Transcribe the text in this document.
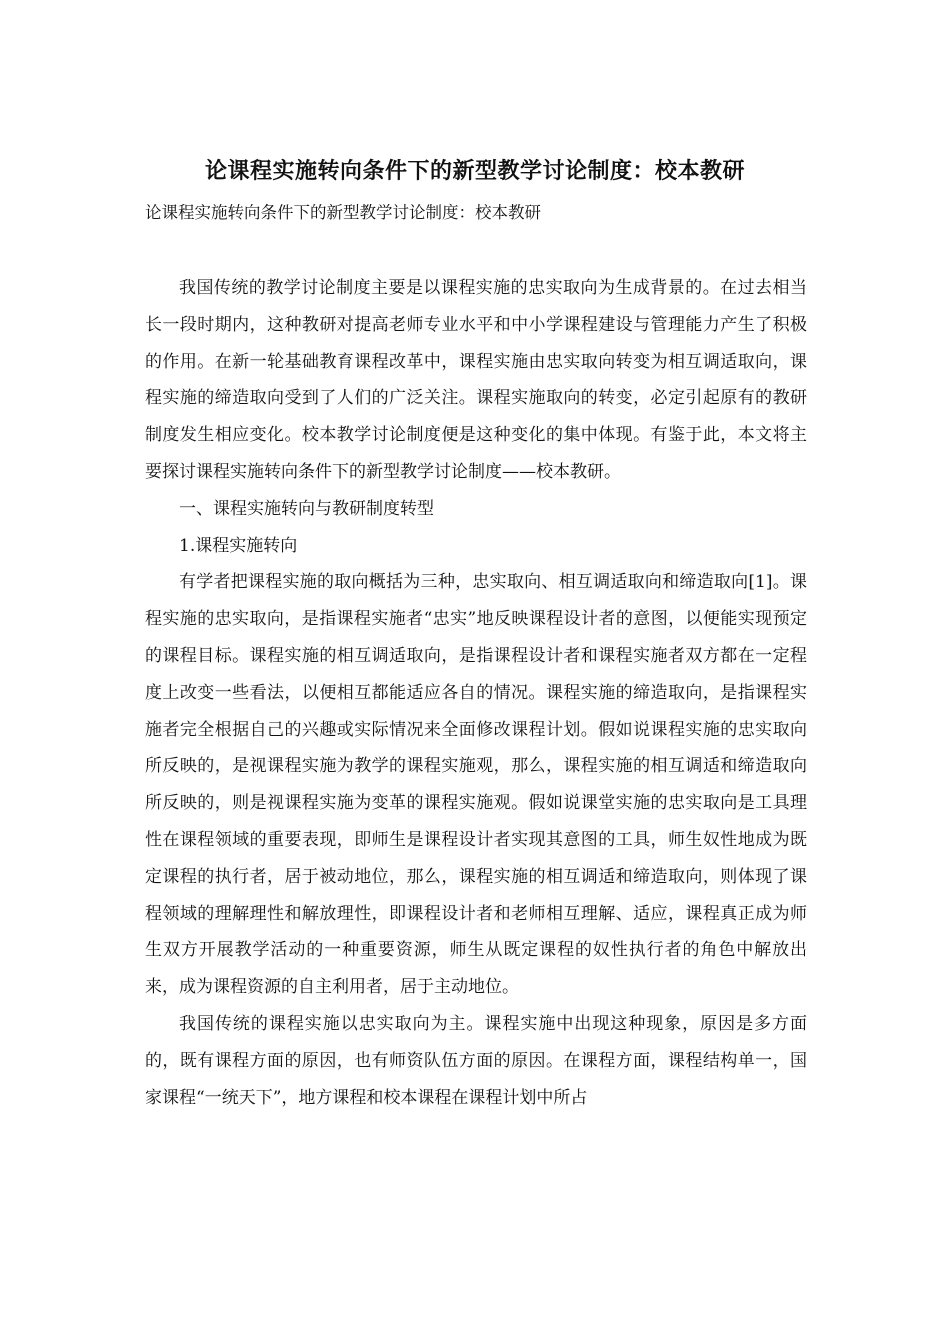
论课程实施转向条件下的新型教学讨论制度：校本教研
论课程实施转向条件下的新型教学讨论制度：校本教研

我国传统的教学讨论制度主要是以课程实施的忠实取向为生成背景的。在过去相当长一段时期内，这种教研对提高老师专业水平和中小学课程建设与管理能力产生了积极的作用。在新一轮基础教育课程改革中，课程实施由忠实取向转变为相互调适取向，课程实施的缔造取向受到了人们的广泛关注。课程实施取向的转变，必定引起原有的教研制度发生相应变化。校本教学讨论制度便是这种变化的集中体现。有鉴于此，本文将主要探讨课程实施转向条件下的新型教学讨论制度——校本教研。

一、课程实施转向与教研制度转型

1.课程实施转向

有学者把课程实施的取向概括为三种，忠实取向、相互调适取向和缔造取向[1]。课程实施的忠实取向，是指课程实施者“忠实”地反映课程设计者的意图，以便能实现预定的课程目标。课程实施的相互调适取向，是指课程设计者和课程实施者双方都在一定程度上改变一些看法，以便相互都能适应各自的情况。课程实施的缔造取向，是指课程实施者完全根据自己的兴趣或实际情况来全面修改课程计划。假如说课程实施的忠实取向所反映的，是视课程实施为教学的课程实施观，那么，课程实施的相互调适和缔造取向所反映的，则是视课程实施为变革的课程实施观。假如说课堂实施的忠实取向是工具理性在课程领域的重要表现，即师生是课程设计者实现其意图的工具，师生奴性地成为既定课程的执行者，居于被动地位，那么，课程实施的相互调适和缔造取向，则体现了课程领域的理解理性和解放理性，即课程设计者和老师相互理解、适应，课程真正成为师生双方开展教学活动的一种重要资源，师生从既定课程的奴性执行者的角色中解放出来，成为课程资源的自主利用者，居于主动地位。

我国传统的课程实施以忠实取向为主。课程实施中出现这种现象，原因是多方面的，既有课程方面的原因，也有师资队伍方面的原因。在课程方面，课程结构单一，国家课程“一统天下”，地方课程和校本课程在课程计划中所占
